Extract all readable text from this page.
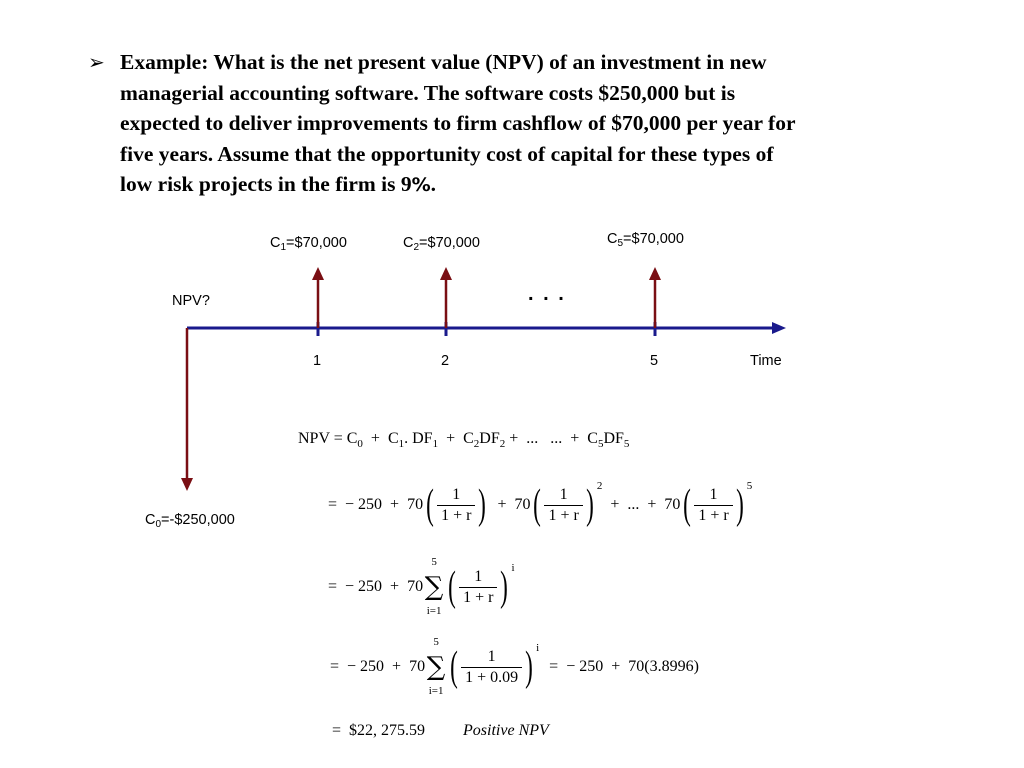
➢ Example: What is the net present value (NPV) of an investment in new
managerial accounting software. The software costs $250,000 but is
expected to deliver improvements to firm cashflow of $70,000 per year for
five years. Assume that the opportunity cost of capital for these types of
low risk projects in the firm is 9%.
NPV?
$C_1=\$70,000$	$C_2=\$70,000$	$C_5=\$70,000$
$C_0=-\$250,000$
. . .
1	2	5	Time
NPV = $C_0 + C_1$. $DF_1 + C_2DF_2$ +  ...   ...  +  $C_5DF_5$
=  − $250 + 70( \frac{1}{1 + r}$ )  +  $70( \frac{1}{1 + r}$ ) $^2$  +  ...  +  $70( \frac{1}{1 + r}$ ) $^5$
=  − 250  +  70
5
∑
i=1
( $\frac{1}{1 + r}$ ) $^i$
=  − 250  +  70
5
∑
i=1
( $\frac{1}{1 + 0.09}$ ) $^i$=  − 250  +  70(3.8996)
=  $22, 275.59 Positive NPV
